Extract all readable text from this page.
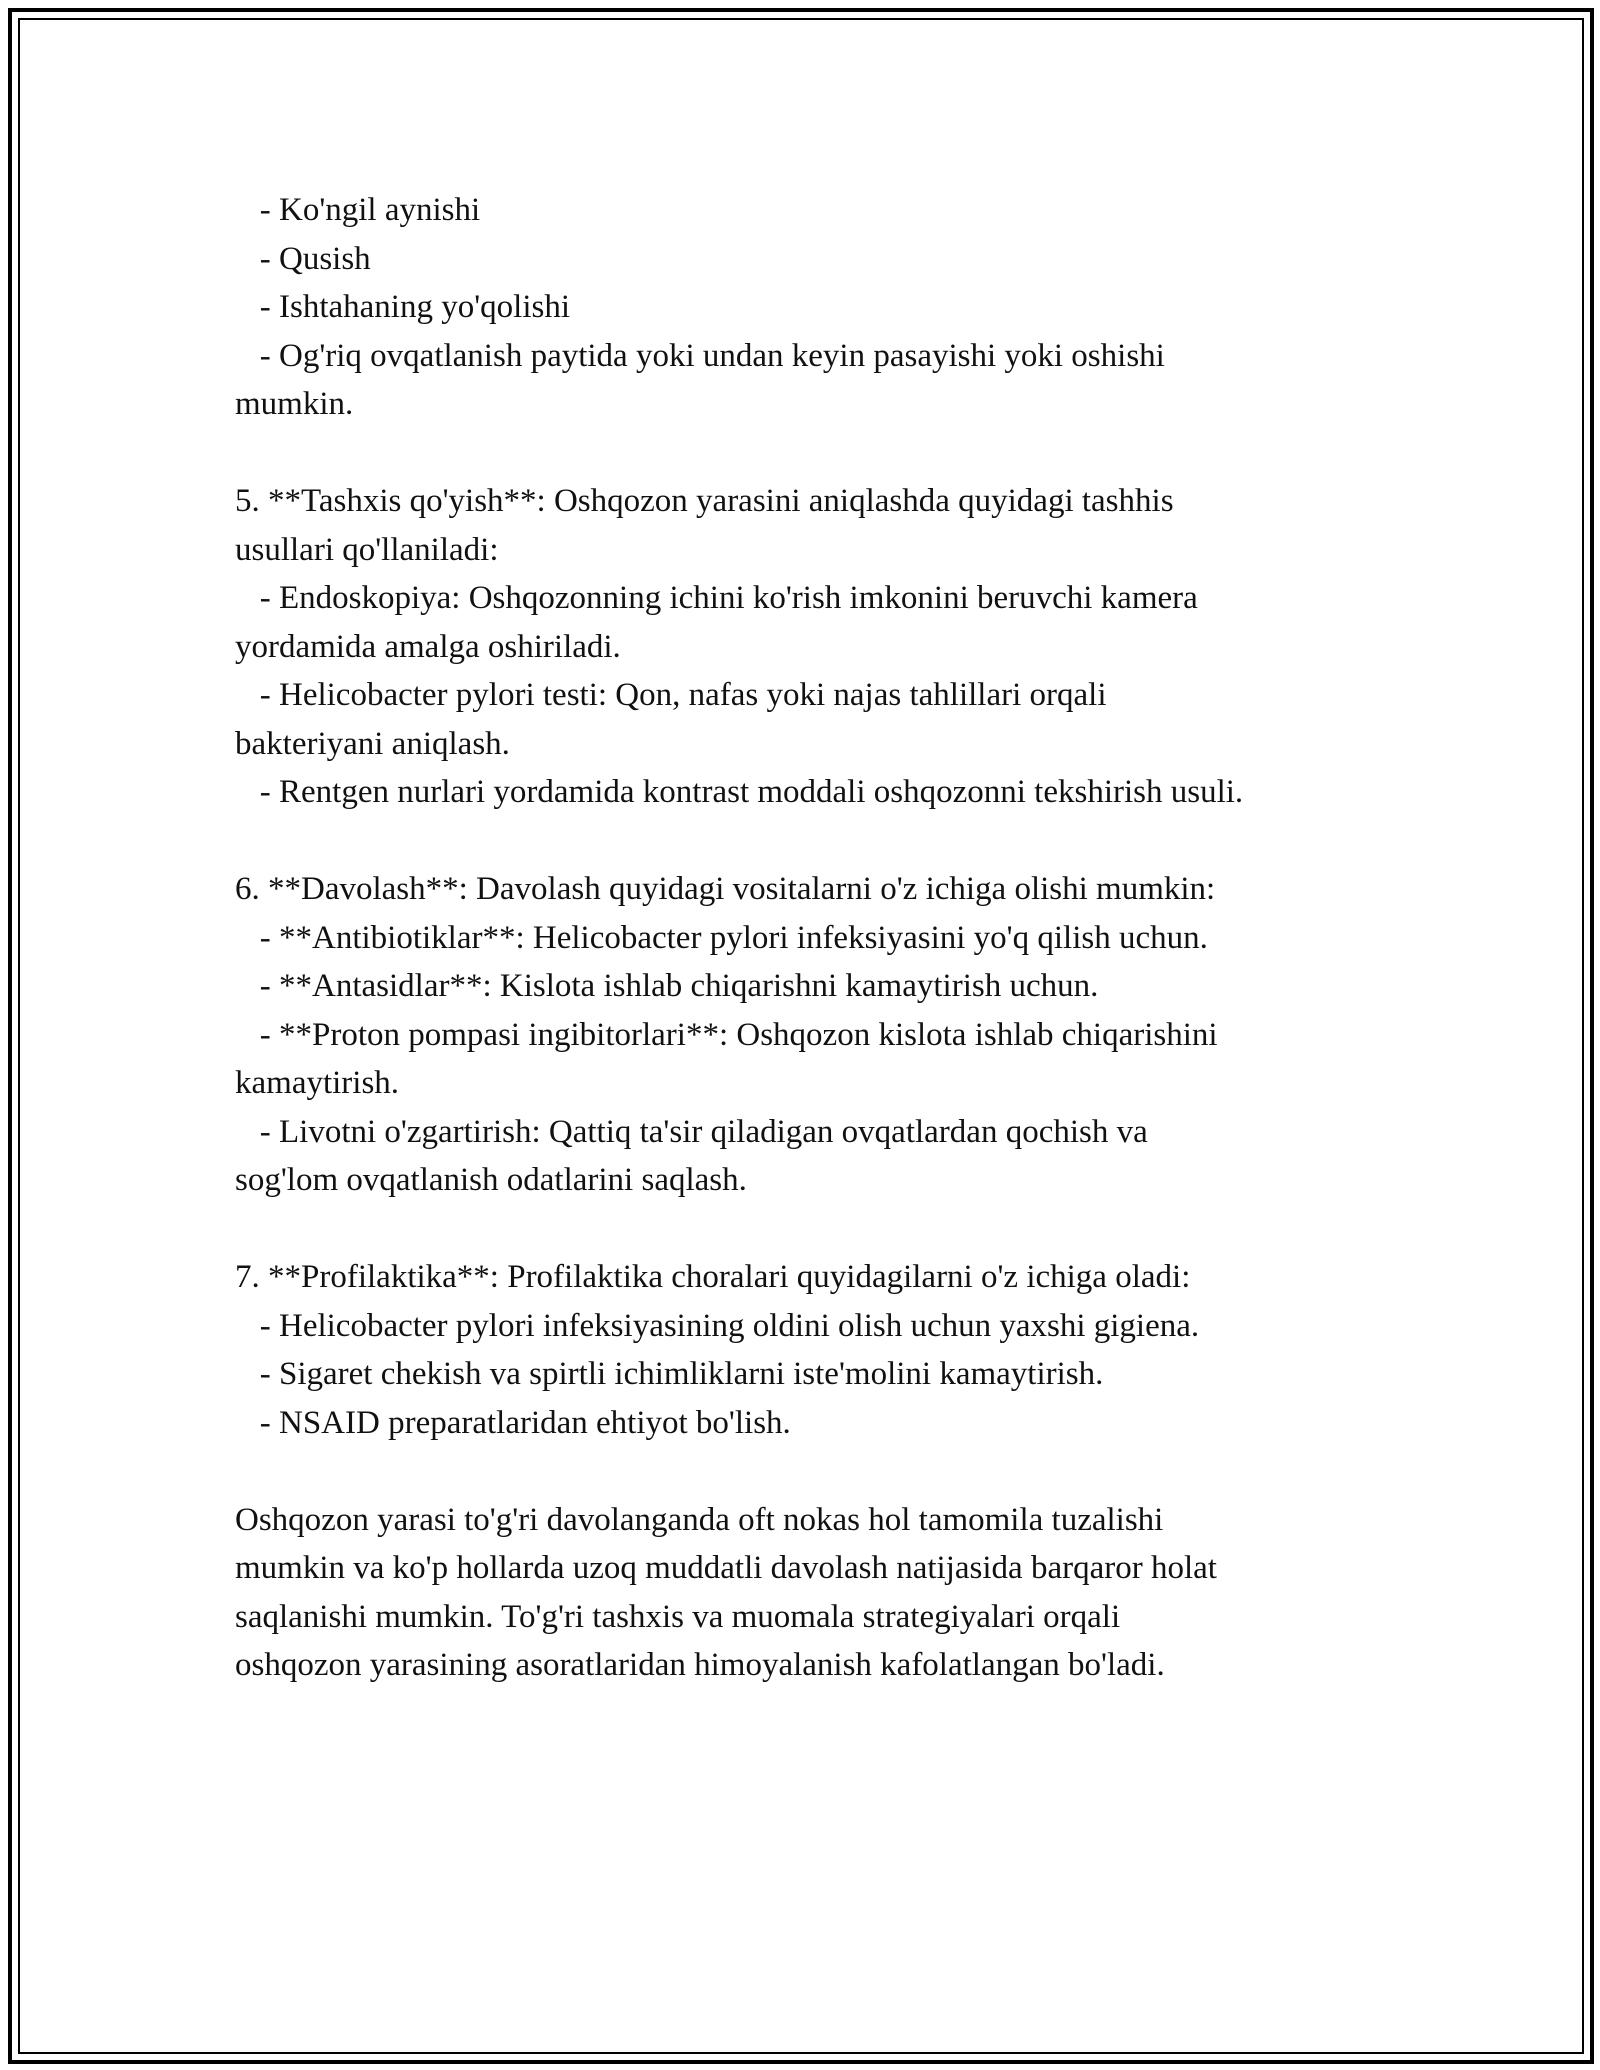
- Ko'ngil aynishi
- Qusish
- Ishtahaning yo'qolishi
- Og'riq ovqatlanish paytida yoki undan keyin pasayishi yoki oshishi
mumkin.
5. **Tashxis qo'yish**: Oshqozon yarasini aniqlashda quyidagi tashhis
usullari qo'llaniladi:
- Endoskopiya: Oshqozonning ichini ko'rish imkonini beruvchi kamera
yordamida amalga oshiriladi.
- Helicobacter pylori testi: Qon, nafas yoki najas tahlillari orqali
bakteriyani aniqlash.
- Rentgen nurlari yordamida kontrast moddali oshqozonni tekshirish usuli.
6. **Davolash**: Davolash quyidagi vositalarni o'z ichiga olishi mumkin:
- **Antibiotiklar**: Helicobacter pylori infeksiyasini yo'q qilish uchun.
- **Antasidlar**: Kislota ishlab chiqarishni kamaytirish uchun.
- **Proton pompasi ingibitorlari**: Oshqozon kislota ishlab chiqarishini
kamaytirish.
- Livotni o'zgartirish: Qattiq ta'sir qiladigan ovqatlardan qochish va
sog'lom ovqatlanish odatlarini saqlash.
7. **Profilaktika**: Profilaktika choralari quyidagilarni o'z ichiga oladi:
- Helicobacter pylori infeksiyasining oldini olish uchun yaxshi gigiena.
- Sigaret chekish va spirtli ichimliklarni iste'molini kamaytirish.
- NSAID preparatlaridan ehtiyot bo'lish.
Oshqozon yarasi to'g'ri davolanganda oft nokas hol tamomila tuzalishi
mumkin va ko'p hollarda uzoq muddatli davolash natijasida barqaror holat
saqlanishi mumkin. To'g'ri tashxis va muomala strategiyalari orqali
oshqozon yarasining asoratlaridan himoyalanish kafolatlangan bo'ladi.
